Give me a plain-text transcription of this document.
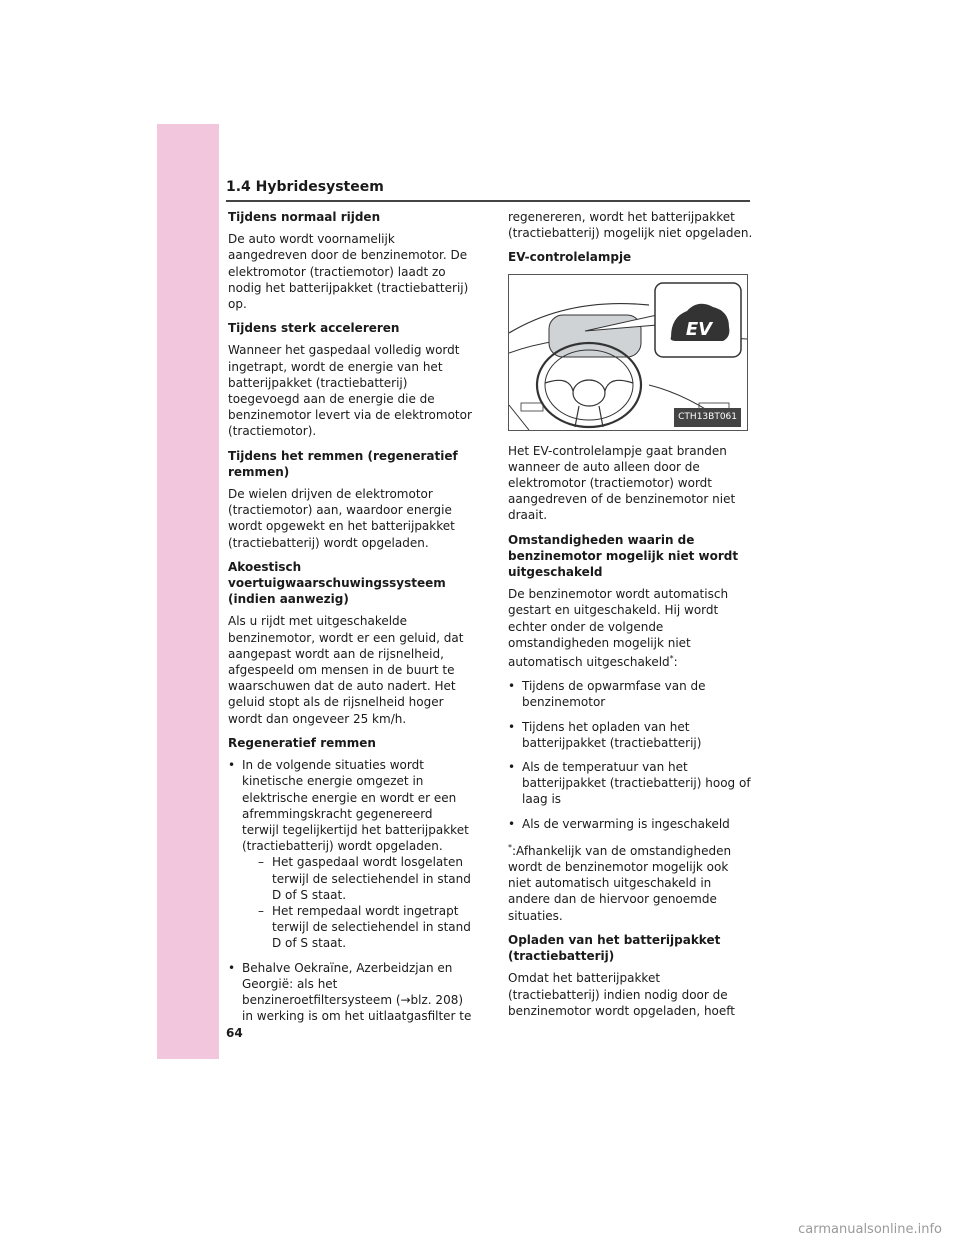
1.4 Hybridesysteem
Tijdens normaal rijden

De auto wordt voornamelijk aangedreven door de benzinemotor. De elektromotor (tractiemotor) laadt zo nodig het batterijpakket (tractiebatterij) op.

Tijdens sterk accelereren

Wanneer het gaspedaal volledig wordt ingetrapt, wordt de energie van het batterijpakket (tractiebatterij) toegevoegd aan de energie die de benzinemotor levert via de elektromotor (tractiemotor).

Tijdens het remmen (regeneratief remmen)

De wielen drijven de elektromotor (tractiemotor) aan, waardoor energie wordt opgewekt en het batterijpakket (tractiebatterij) wordt opgeladen.

Akoestisch voertuigwaarschuwingssysteem (indien aanwezig)

Als u rijdt met uitgeschakelde benzinemotor, wordt er een geluid, dat aangepast wordt aan de rijsnelheid, afgespeeld om mensen in de buurt te waarschuwen dat de auto nadert. Het geluid stopt als de rijsnelheid hoger wordt dan ongeveer 25 km/h.

Regeneratief remmen
• In de volgende situaties wordt kinetische energie omgezet in elektrische energie en wordt er een afremmingskracht gegenereerd terwijl tegelijkertijd het batterijpakket (tractiebatterij) wordt opgeladen.
– Het gaspedaal wordt losgelaten terwijl de selectiehendel in stand D of S staat.
– Het rempedaal wordt ingetrapt terwijl de selectiehendel in stand D of S staat.
• Behalve Oekraïne, Azerbeidzjan en Georgië: als het benzineroetfiltersysteem (→blz. 208) in werking is om het uitlaatgasfilter te

regenereren, wordt het batterijpakket (tractiebatterij) mogelijk niet opgeladen.

EV-controlelampje
EV
CTH13BT061

Het EV-controlelampje gaat branden wanneer de auto alleen door de elektromotor (tractiemotor) wordt aangedreven of de benzinemotor niet draait.

Omstandigheden waarin de benzinemotor mogelijk niet wordt uitgeschakeld

De benzinemotor wordt automatisch gestart en uitgeschakeld. Hij wordt echter onder de volgende omstandigheden mogelijk niet automatisch uitgeschakeld*:

• Tijdens de opwarmfase van de benzinemotor
• Tijdens het opladen van het batterijpakket (tractiebatterij)
• Als de temperatuur van het batterijpakket (tractiebatterij) hoog of laag is
• Als de verwarming is ingeschakeld

*:Afhankelijk van de omstandigheden wordt de benzinemotor mogelijk ook niet automatisch uitgeschakeld in andere dan de hiervoor genoemde situaties.

Opladen van het batterijpakket (tractiebatterij)

Omdat het batterijpakket (tractiebatterij) indien nodig door de benzinemotor wordt opgeladen, hoeft

64
carmanualsonline.info
